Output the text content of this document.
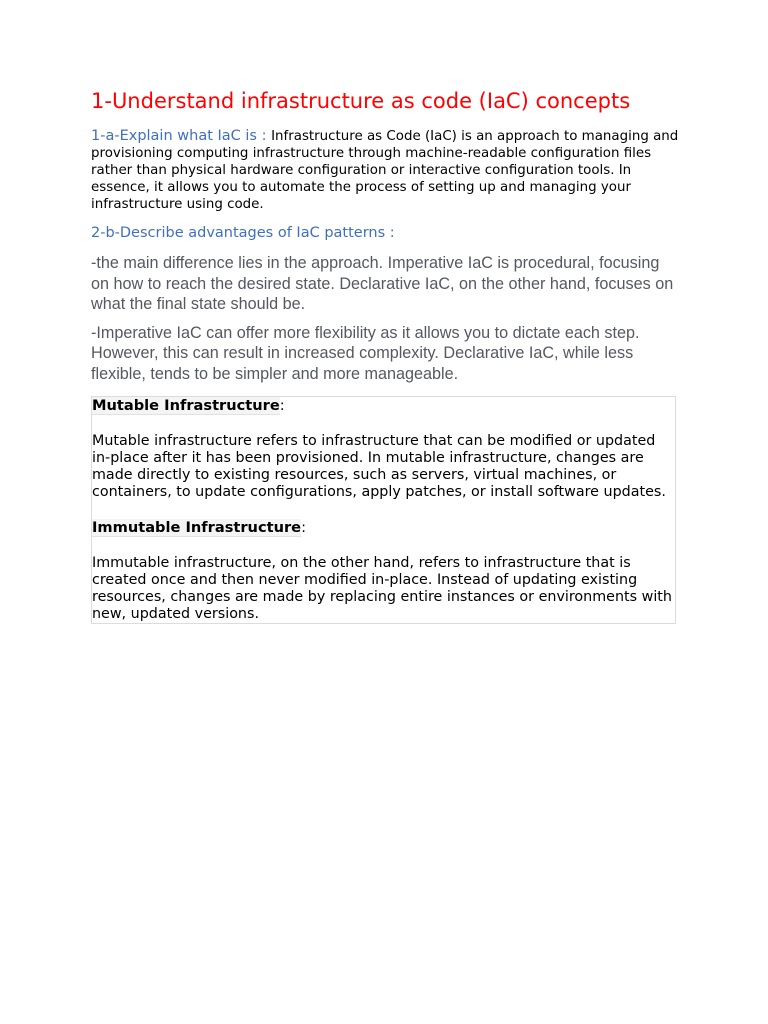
1-Understand infrastructure as code (IaC) concepts

1-a-Explain what IaC is : Infrastructure as Code (IaC) is an approach to managing and provisioning computing infrastructure through machine-readable configuration files rather than physical hardware configuration or interactive configuration tools. In essence, it allows you to automate the process of setting up and managing your infrastructure using code.

2-b-Describe advantages of IaC patterns :

-the main difference lies in the approach. Imperative IaC is procedural, focusing on how to reach the desired state. Declarative IaC, on the other hand, focuses on what the final state should be.

-Imperative IaC can offer more flexibility as it allows you to dictate each step. However, this can result in increased complexity. Declarative IaC, while less flexible, tends to be simpler and more manageable.

Mutable Infrastructure:

Mutable infrastructure refers to infrastructure that can be modified or updated in-place after it has been provisioned. In mutable infrastructure, changes are made directly to existing resources, such as servers, virtual machines, or containers, to update configurations, apply patches, or install software updates.

Immutable Infrastructure:

Immutable infrastructure, on the other hand, refers to infrastructure that is created once and then never modified in-place. Instead of updating existing resources, changes are made by replacing entire instances or environments with new, updated versions.
